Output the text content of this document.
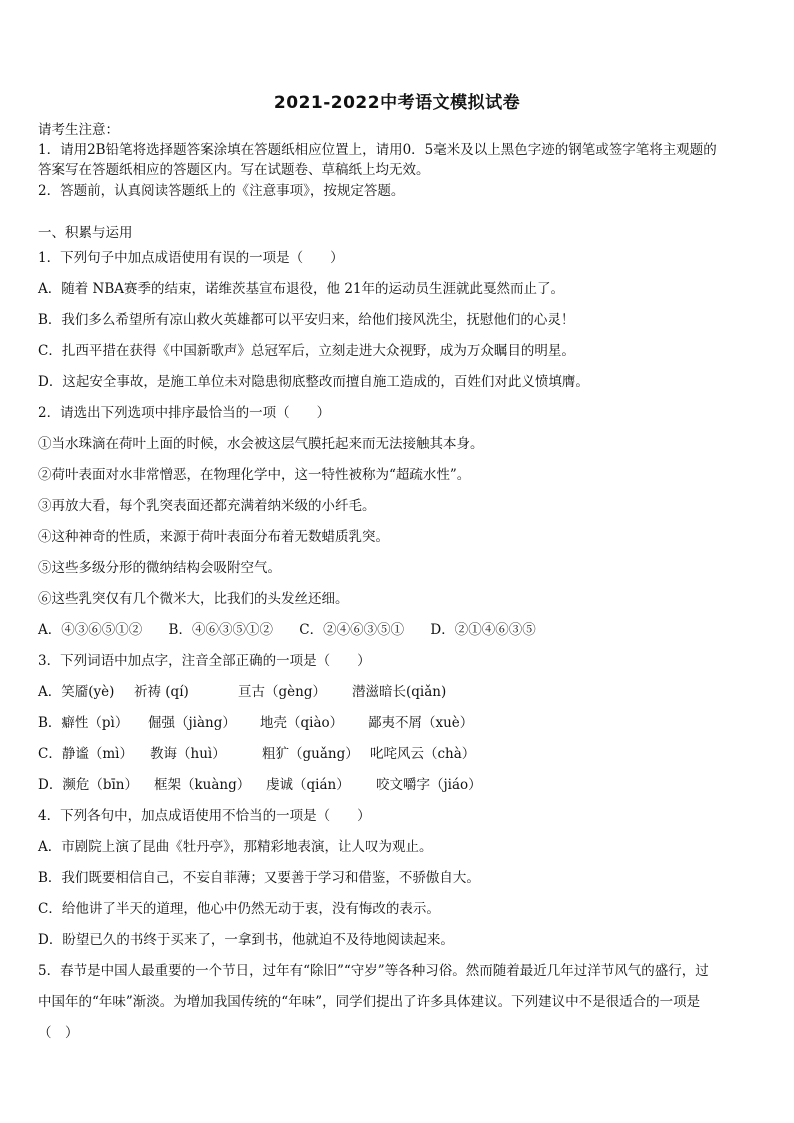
2021-2022中考语文模拟试卷
请考生注意：
1．请用2B铅笔将选择题答案涂填在答题纸相应位置上，请用0．5毫米及以上黑色字迹的钢笔或签字笔将主观题的
答案写在答题纸相应的答题区内。写在试题卷、草稿纸上均无效。
2．答题前，认真阅读答题纸上的《注意事项》，按规定答题。
一、积累与运用
1．下列句子中加点成语使用有误的一项是（　　）
A．随着 NBA赛季的结束，诺维茨基宣布退役，他 21年的运动员生涯就此戛然而止了。
B．我们多么希望所有凉山救火英雄都可以平安归来，给他们接风洗尘，抚慰他们的心灵！
C．扎西平措在获得《中国新歌声》总冠军后，立刻走进大众视野，成为万众瞩目的明星。
D．这起安全事故，是施工单位未对隐患彻底整改而擅自施工造成的，百姓们对此义愤填膺。
2．请选出下列选项中排序最恰当的一项（　　）
①当水珠滴在荷叶上面的时候，水会被这层气膜托起来而无法接触其本身。
②荷叶表面对水非常憎恶，在物理化学中，这一特性被称为“超疏水性”。
③再放大看，每个乳突表面还都充满着纳米级的小纤毛。
④这种神奇的性质，来源于荷叶表面分布着无数蜡质乳突。
⑤这些多级分形的微纳结构会吸附空气。
⑥这些乳突仅有几个微米大，比我们的头发丝还细。
A．④③⑥⑤①② B．④⑥③⑤①② C．②④⑥③⑤① D．②①④⑥③⑤
3．下列词语中加点字，注音全部正确的一项是（　　）
A．笑靥(yè) 祈祷 (qí)	亘古（gèng） 潜滋暗长(qiǎn)
B．癖性（pì） 倔强（jiàng） 地壳（qiào） 鄙夷不屑（xuè）
C．静谧（mì） 教诲（huì）	粗犷（guǎng） 叱咤风云（chà）
D．濒危（bīn） 框架（kuàng） 虔诚（qián） 咬文嚼字（jiáo）
4．下列各句中，加点成语使用不恰当的一项是（　　）
A．市剧院上演了昆曲《牡丹亭》，那精彩地表演，让人叹为观止。
B．我们既要相信自己，不妄自菲薄；又要善于学习和借鉴，不骄傲自大。
C．给他讲了半天的道理，他心中仍然无动于衷，没有悔改的表示。
D．盼望已久的书终于买来了，一拿到书，他就迫不及待地阅读起来。
5．春节是中国人最重要的一个节日，过年有“除旧”“守岁”等各种习俗。然而随着最近几年过洋节风气的盛行，过
中国年的“年味”渐淡。为增加我国传统的“年味”，同学们提出了许多具体建议。下列建议中不是很适合的一项是
（　）
